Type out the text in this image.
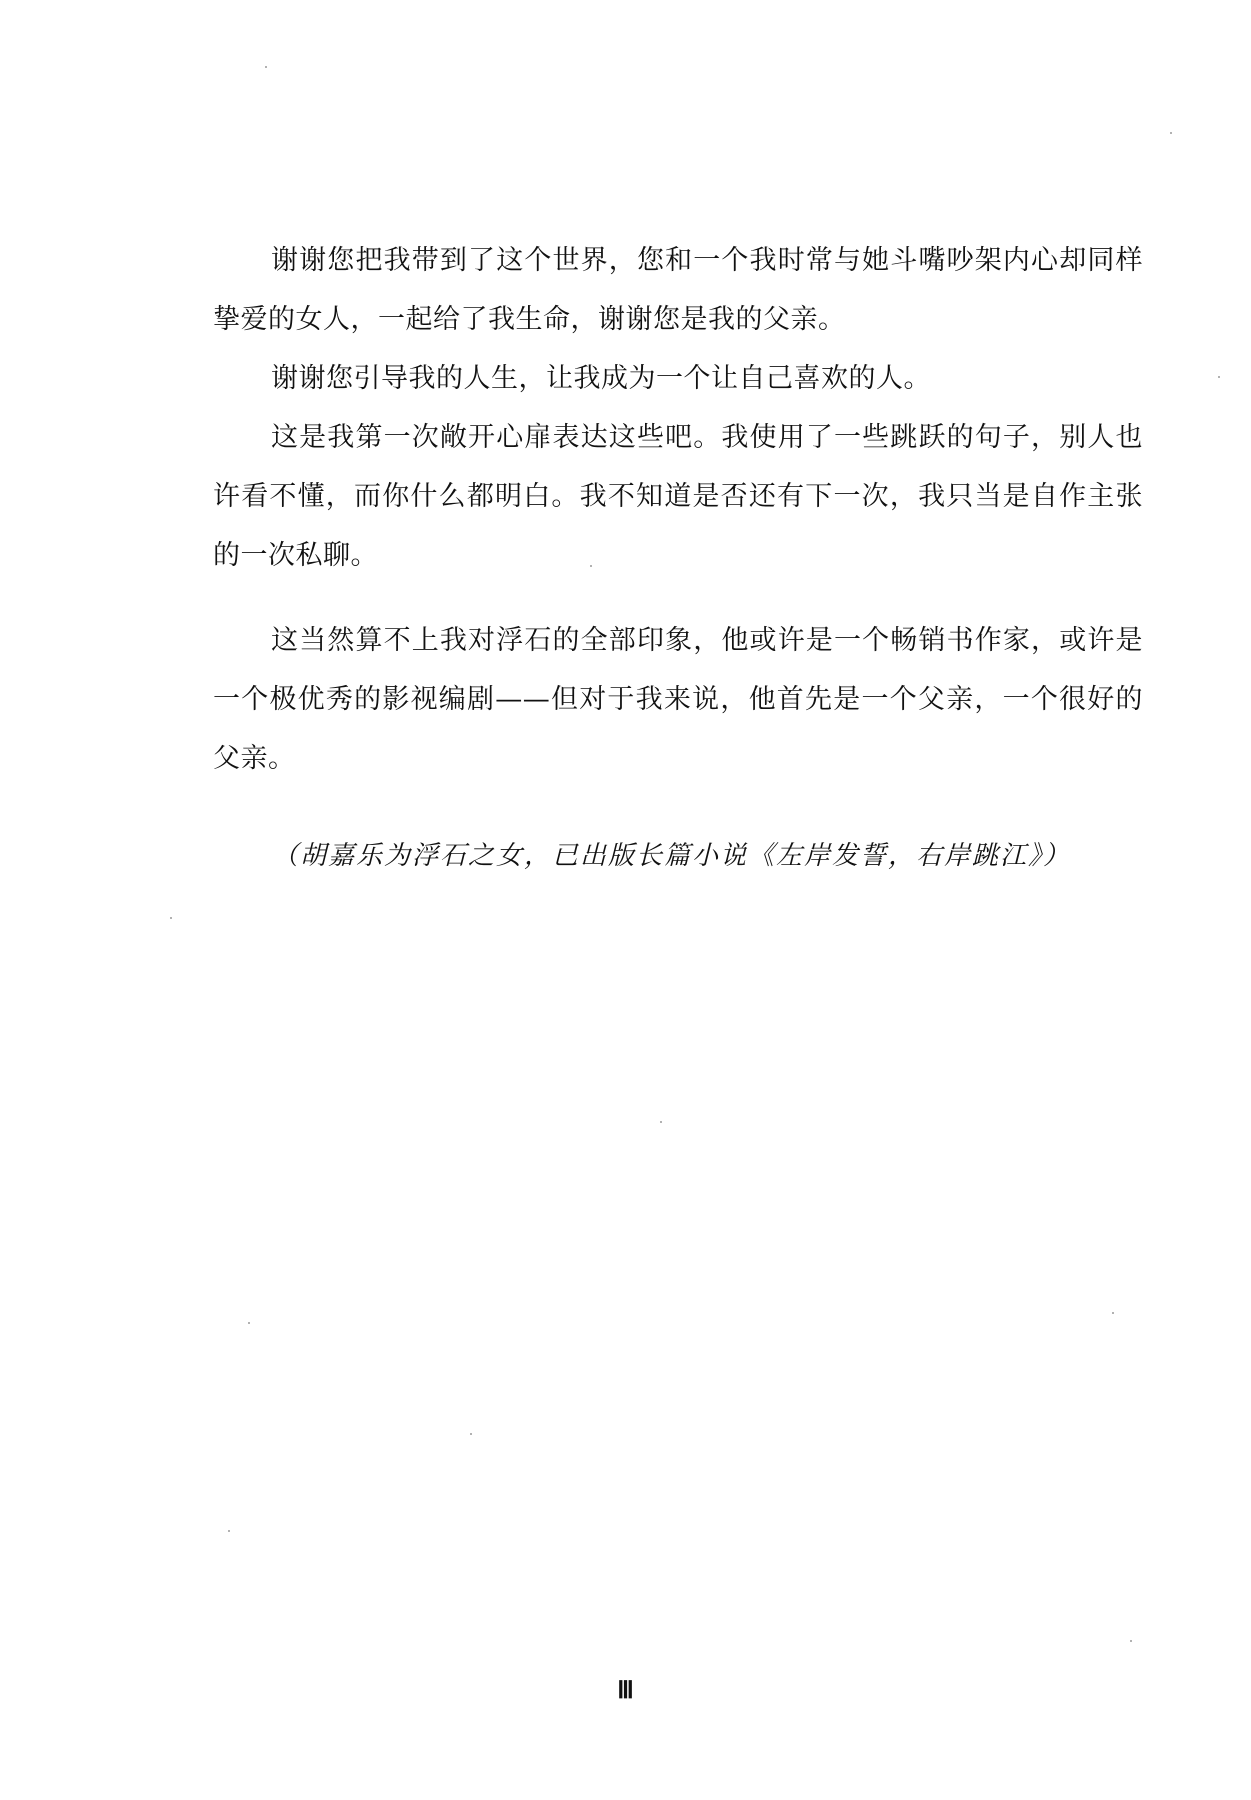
谢谢您把我带到了这个世界，您和一个我时常与她斗嘴吵架内心却同样挚爱的女人，一起给了我生命，谢谢您是我的父亲。

谢谢您引导我的人生，让我成为一个让自己喜欢的人。

这是我第一次敞开心扉表达这些吧。我使用了一些跳跃的句子，别人也许看不懂，而你什么都明白。我不知道是否还有下一次，我只当是自作主张的一次私聊。

这当然算不上我对浮石的全部印象，他或许是一个畅销书作家，或许是一个极优秀的影视编剧——但对于我来说，他首先是一个父亲，一个很好的父亲。

（胡嘉乐为浮石之女，已出版长篇小说《左岸发誓，右岸跳江》）
Ⅲ
